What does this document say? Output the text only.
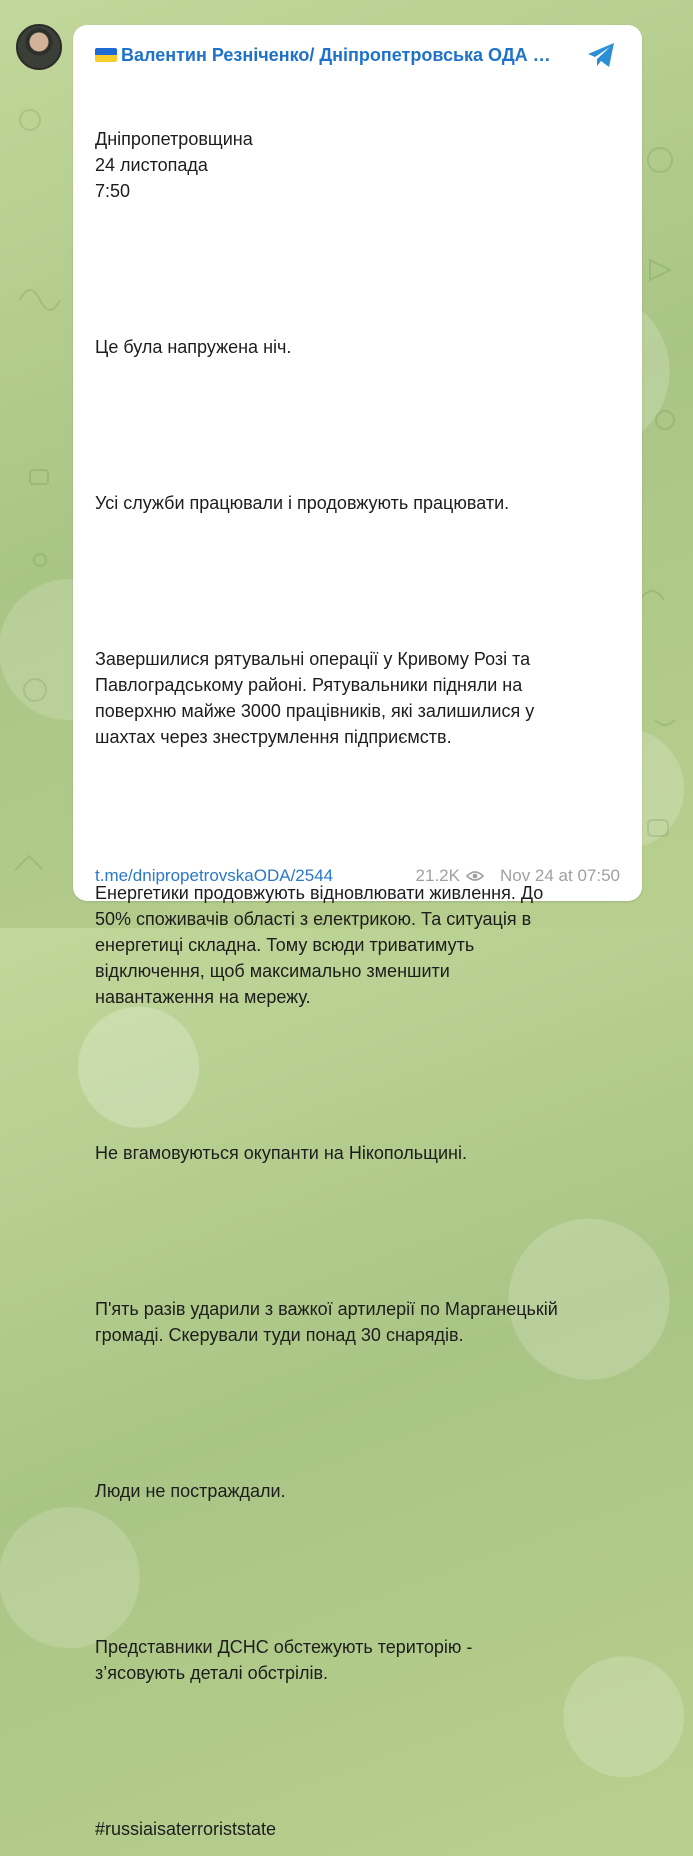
Валентин Резніченко/ Дніпропетровська ОДА …

Дніпропетровщина
24 листопада
7:50

Це була напружена ніч.

Усі служби працювали і продовжують працювати.

Завершилися рятувальні операції у Кривому Розі та
Павлоградському районі. Рятувальники підняли на
поверхню майже 3000 працівників, які залишилися у
шахтах через знеструмлення підприємств.

Енергетики продовжують відновлювати живлення. До
50% споживачів області з електрикою. Та ситуація в
енергетиці складна. Тому всюди триватимуть
відключення, щоб максимально зменшити
навантаження на мережу.

Не вгамовуються окупанти на Нікопольщині.

П'ять разів ударили з важкої артилерії по Марганецькій
громаді. Скерували туди понад 30 снарядів.

Люди не постраждали.

Представники ДСНС обстежують територію -
з’ясовують деталі обстрілів.

#russiaisaterroriststate

t.me/dnipropetrovskaODA/2544	21.2K Nov 24 at 07:50
